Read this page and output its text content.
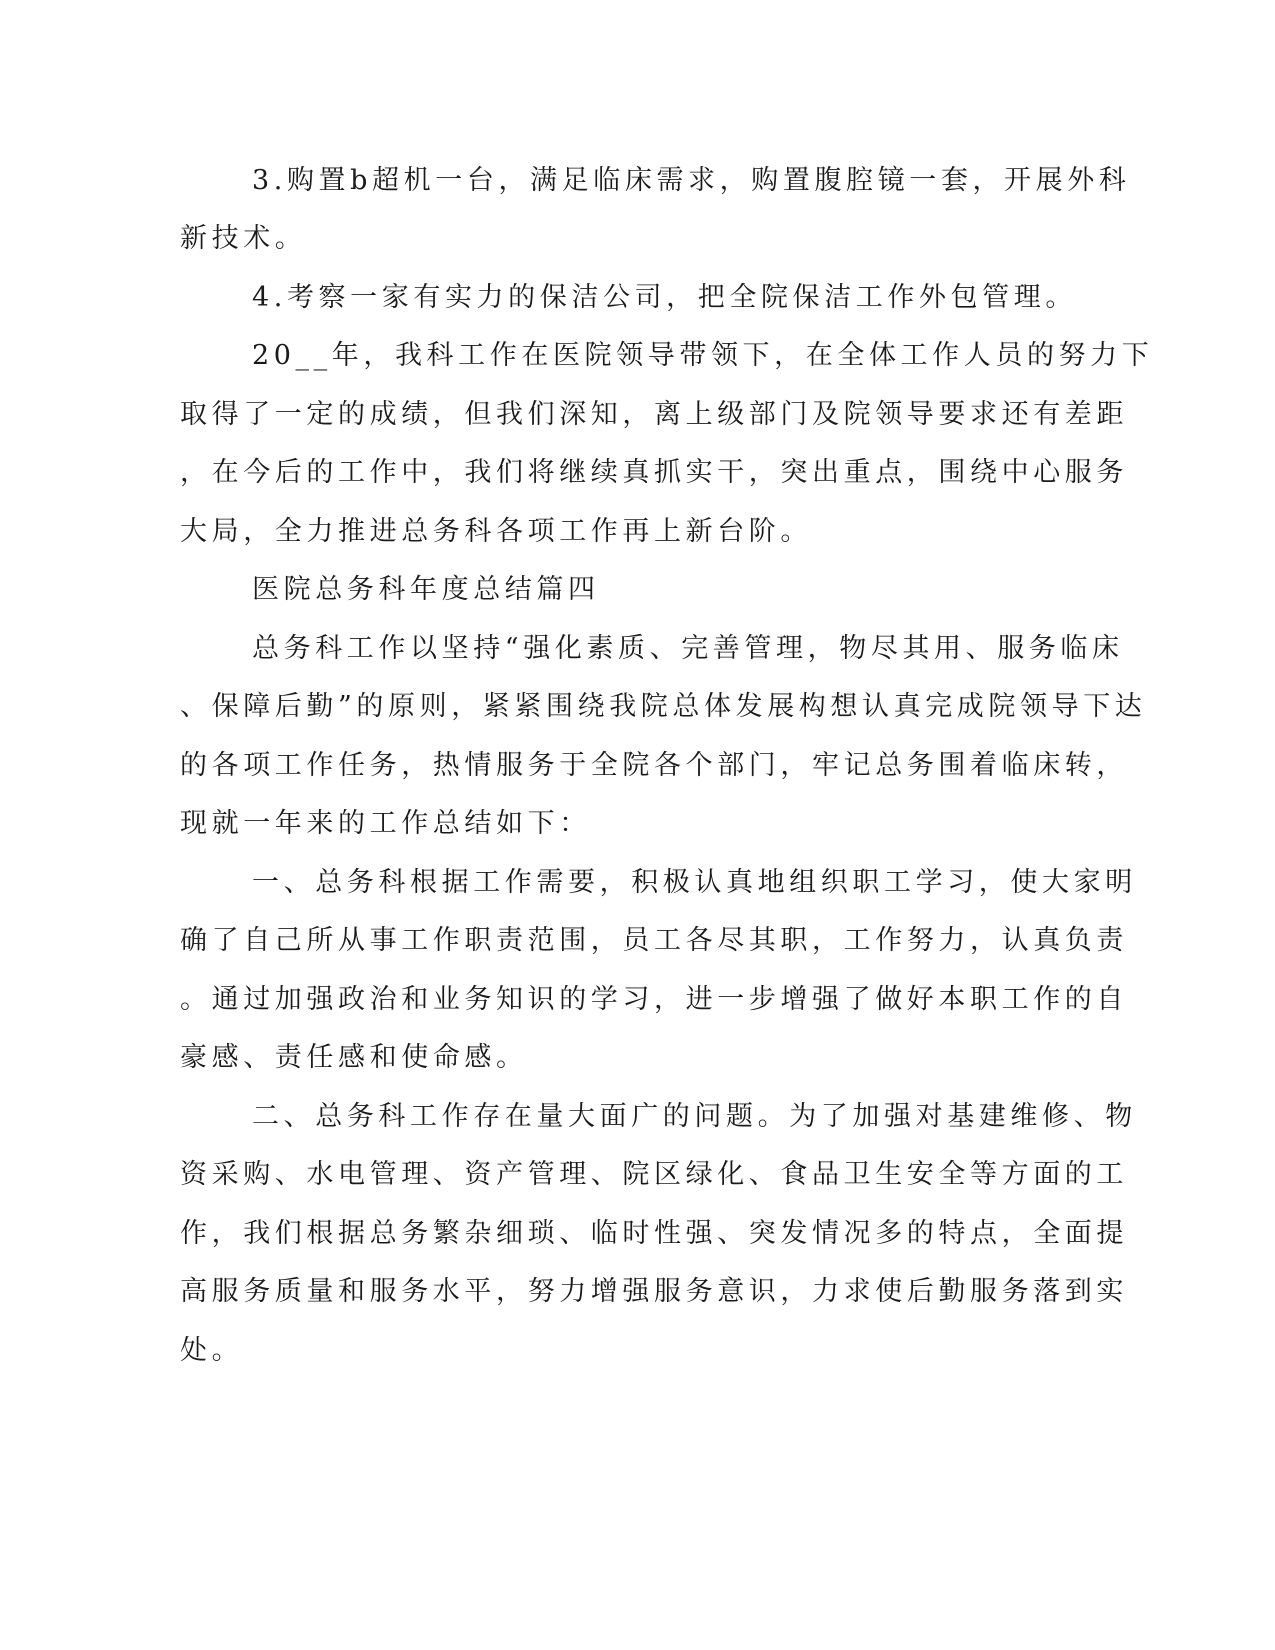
3.购置b超机一台，满足临床需求，购置腹腔镜一套，开展外科
新技术。
4.考察一家有实力的保洁公司，把全院保洁工作外包管理。
20__年，我科工作在医院领导带领下，在全体工作人员的努力下
取得了一定的成绩，但我们深知，离上级部门及院领导要求还有差距
，在今后的工作中，我们将继续真抓实干，突出重点，围绕中心服务
大局，全力推进总务科各项工作再上新台阶。
医院总务科年度总结篇四
总务科工作以坚持“强化素质、完善管理，物尽其用、服务临床
、保障后勤”的原则，紧紧围绕我院总体发展构想认真完成院领导下达
的各项工作任务，热情服务于全院各个部门，牢记总务围着临床转，
现就一年来的工作总结如下：
一、总务科根据工作需要，积极认真地组织职工学习，使大家明
确了自己所从事工作职责范围，员工各尽其职，工作努力，认真负责
。通过加强政治和业务知识的学习，进一步增强了做好本职工作的自
豪感、责任感和使命感。
二、总务科工作存在量大面广的问题。为了加强对基建维修、物
资采购、水电管理、资产管理、院区绿化、食品卫生安全等方面的工
作，我们根据总务繁杂细琐、临时性强、突发情况多的特点，全面提
高服务质量和服务水平，努力增强服务意识，力求使后勤服务落到实
处。
